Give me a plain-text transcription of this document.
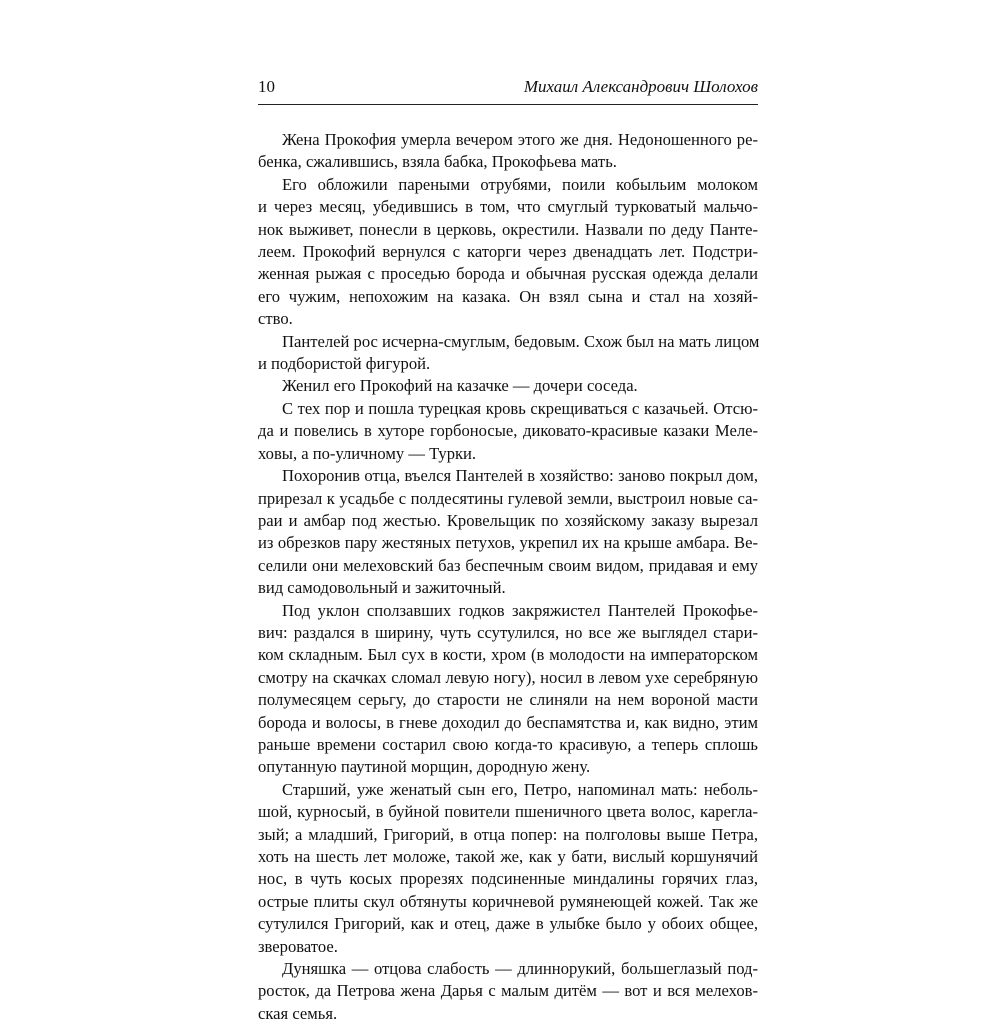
10	Михаил Александрович Шолохов

Жена Прокофия умерла вечером этого же дня. Недоношенного ре-
бенка, сжалившись, взяла бабка, Прокофьева мать.

Его обложили пареными отрубями, поили кобыльим молоком
и через месяц, убедившись в том, что смуглый турковатый мальчо-
нок выживет, понесли в церковь, окрестили. Назвали по деду Панте-
леем. Прокофий вернулся с каторги через двенадцать лет. Подстри-
женная рыжая с проседью борода и обычная русская одежда делали
его чужим, непохожим на казака. Он взял сына и стал на хозяй-
ство.

Пантелей рос исчерна-смуглым, бедовым. Схож был на мать лицом
и подбористой фигурой.

Женил его Прокофий на казачке — дочери соседа.

С тех пор и пошла турецкая кровь скрещиваться с казачьей. Отсю-
да и повелись в хуторе горбоносые, диковато-красивые казаки Меле-
ховы, а по-уличному — Турки.

Похоронив отца, въелся Пантелей в хозяйство: заново покрыл дом,
прирезал к усадьбе с полдесятины гулевой земли, выстроил новые са-
раи и амбар под жестью. Кровельщик по хозяйскому заказу вырезал
из обрезков пару жестяных петухов, укрепил их на крыше амбара. Ве-
селили они мелеховский баз беспечным своим видом, придавая и ему
вид самодовольный и зажиточный.

Под уклон сползавших годков закряжистел Пантелей Прокофье-
вич: раздался в ширину, чуть ссутулился, но все же выглядел стари-
ком складным. Был сух в кости, хром (в молодости на императорском
смотру на скачках сломал левую ногу), носил в левом ухе серебряную
полумесяцем серьгу, до старости не слиняли на нем вороной масти
борода и волосы, в гневе доходил до беспамятства и, как видно, этим
раньше времени состарил свою когда-то красивую, а теперь сплошь
опутанную паутиной морщин, дородную жену.

Старший, уже женатый сын его, Петро, напоминал мать: неболь-
шой, курносый, в буйной повители пшеничного цвета волос, карегла-
зый; а младший, Григорий, в отца попер: на полголовы выше Петра,
хоть на шесть лет моложе, такой же, как у бати, вислый коршунячий
нос, в чуть косых прорезях подсиненные миндалины горячих глаз,
острые плиты скул обтянуты коричневой румянеющей кожей. Так же
сутулился Григорий, как и отец, даже в улыбке было у обоих общее,
звероватое.

Дуняшка — отцова слабость — длиннорукий, большеглазый под-
росток, да Петрова жена Дарья с малым дитём — вот и вся мелехов-
ская семья.
